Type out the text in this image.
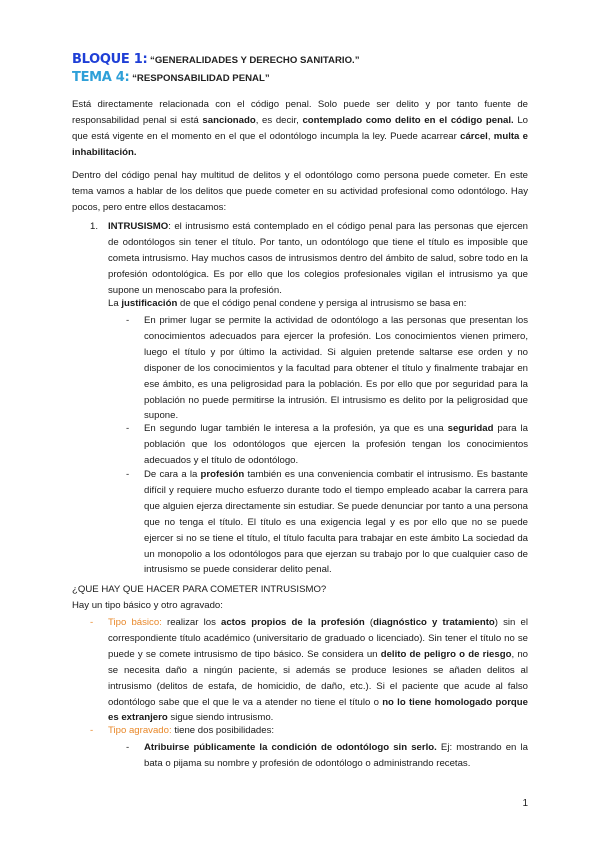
BLOQUE 1: “GENERALIDADES Y DERECHO SANITARIO.”
TEMA 4: “RESPONSABILIDAD PENAL”
Está directamente relacionada con el código penal. Solo puede ser delito y por tanto fuente de responsabilidad penal si está sancionado, es decir, contemplado como delito en el código penal. Lo que está vigente en el momento en el que el odontólogo incumpla la ley. Puede acarrear cárcel, multa e inhabilitación.
Dentro del código penal hay multitud de delitos y el odontólogo como persona puede cometer. En este tema vamos a hablar de los delitos que puede cometer en su actividad profesional como odontólogo. Hay pocos, pero entre ellos destacamos:
1. INTRUSISMO: el intrusismo está contemplado en el código penal para las personas que ejercen de odontólogos sin tener el título. Por tanto, un odontólogo que tiene el título es imposible que cometa intrusismo. Hay muchos casos de intrusismos dentro del ámbito de salud, sobre todo en la profesión odontológica. Es por ello que los colegios profesionales vigilan el intrusismo ya que supone un menoscabo para la profesión.
La justificación de que el código penal condene y persiga al intrusismo se basa en:
- En primer lugar se permite la actividad de odontólogo a las personas que presentan los conocimientos adecuados para ejercer la profesión. Los conocimientos vienen primero, luego el título y por último la actividad. Si alguien pretende saltarse ese orden y no disponer de los conocimientos y la facultad para obtener el título y finalmente trabajar en ese ámbito, es una peligrosidad para la población. Es por ello que por seguridad para la población no puede permitirse la intrusión. El intrusismo es delito por la peligrosidad que supone.
- En segundo lugar también le interesa a la profesión, ya que es una seguridad para la población que los odontólogos que ejercen la profesión tengan los conocimientos adecuados y el título de odontólogo.
- De cara a la profesión también es una conveniencia combatir el intrusismo. Es bastante difícil y requiere mucho esfuerzo durante todo el tiempo empleado acabar la carrera para que alguien ejerza directamente sin estudiar. Se puede denunciar por tanto a una persona que no tenga el título. El título es una exigencia legal y es por ello que no se puede ejercer si no se tiene el título, el título faculta para trabajar en este ámbito La sociedad da un monopolio a los odontólogos para que ejerzan su trabajo por lo que cualquier caso de intrusismo se puede considerar delito penal.
¿QUE HAY QUE HACER PARA COMETER INTRUSISMO?
Hay un tipo básico y otro agravado:
- Tipo básico: realizar los actos propios de la profesión (diagnóstico y tratamiento) sin el correspondiente título académico (universitario de graduado o licenciado). Sin tener el título no se puede y se comete intrusismo de tipo básico. Se considera un delito de peligro o de riesgo, no se necesita daño a ningún paciente, si además se produce lesiones se añaden delitos al intrusismo (delitos de estafa, de homicidio, de daño, etc.). Si el paciente que acude al falso odontólogo sabe que el que le va a atender no tiene el título o no lo tiene homologado porque es extranjero sigue siendo intrusismo.
- Tipo agravado: tiene dos posibilidades:
- Atribuirse públicamente la condición de odontólogo sin serlo. Ej: mostrando en la bata o pijama su nombre y profesión de odontólogo o administrando recetas.
1
